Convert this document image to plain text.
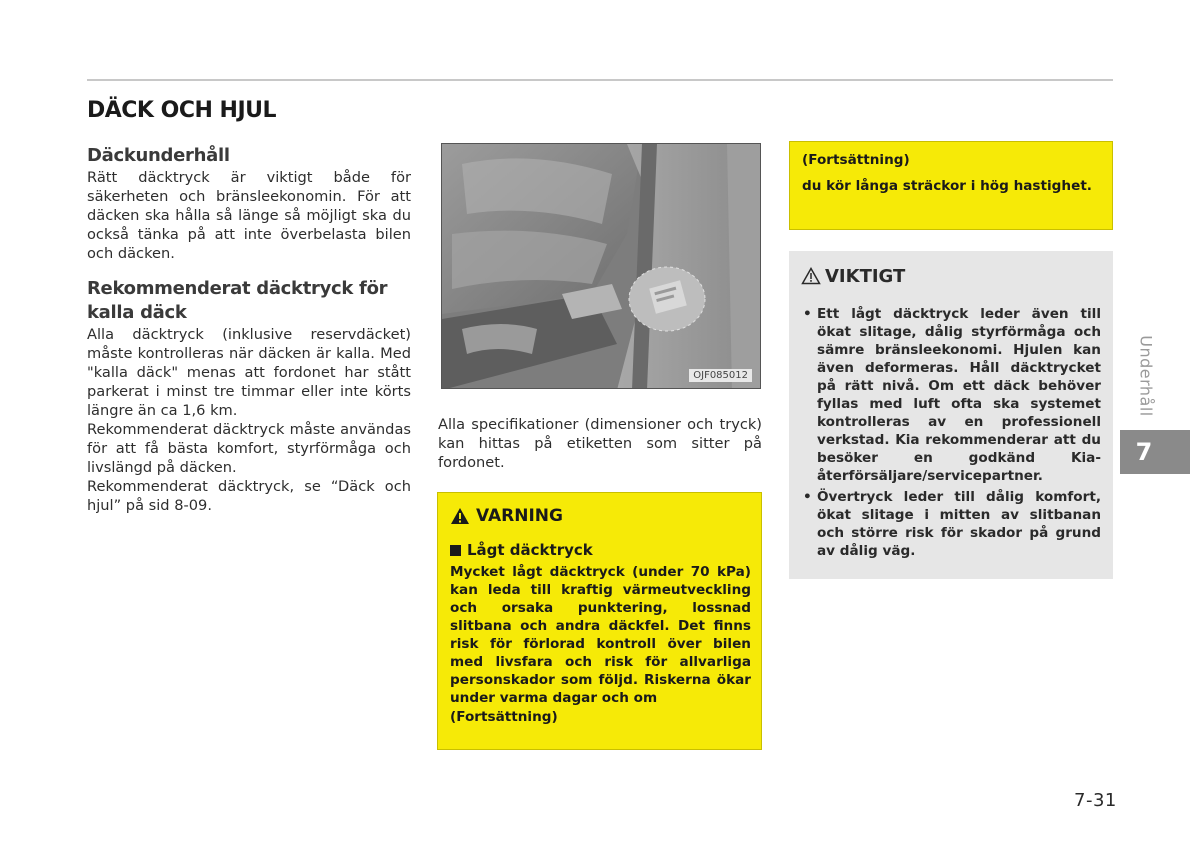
DÄCK OCH HJUL
Däckunderhåll

Rätt däcktryck är viktigt både för säkerheten och bränsleekonomin. För att däcken ska hålla så länge så möjligt ska du också tänka på att inte överbelasta bilen och däcken.

Rekommenderat däcktryck för kalla däck

Alla däcktryck (inklusive reservdäcket) måste kontrolleras när däcken är kalla. Med "kalla däck" menas att fordonet har stått parkerat i minst tre timmar eller inte körts längre än ca 1,6 km.

Rekommenderat däcktryck måste användas för att få bästa komfort, styrförmåga och livslängd på däcken.

Rekommenderat däcktryck, se “Däck och hjul” på sid 8-09.

OJF085012

Alla specifikationer (dimensioner och tryck) kan hittas på etiketten som sitter på fordonet.

VARNING
Lågt däcktryck

Mycket lågt däcktryck (under 70 kPa) kan leda till kraftig värmeutveckling och orsaka punktering, lossnad slitbana och andra däckfel. Det finns risk för förlorad kontroll över bilen med livsfara och risk för allvarliga personskador som följd. Riskerna ökar under varma dagar och om

(Fortsättning)

(Fortsättning)

du kör långa sträckor i hög hastighet.

VIKTIGT
• Ett lågt däcktryck leder även till ökat slitage, dålig styrförmåga och sämre bränsleekonomi. Hjulen kan även deformeras. Håll däcktrycket på rätt nivå. Om ett däck behöver fyllas med luft ofta ska systemet kontrolleras av en professionell verkstad. Kia rekommenderar att du besöker en godkänd Kia-återförsäljare/servicepartner.
• Övertryck leder till dålig komfort, ökat slitage i mitten av slitbanan och större risk för skador på grund av dålig väg.
Underhåll
7
7-31
